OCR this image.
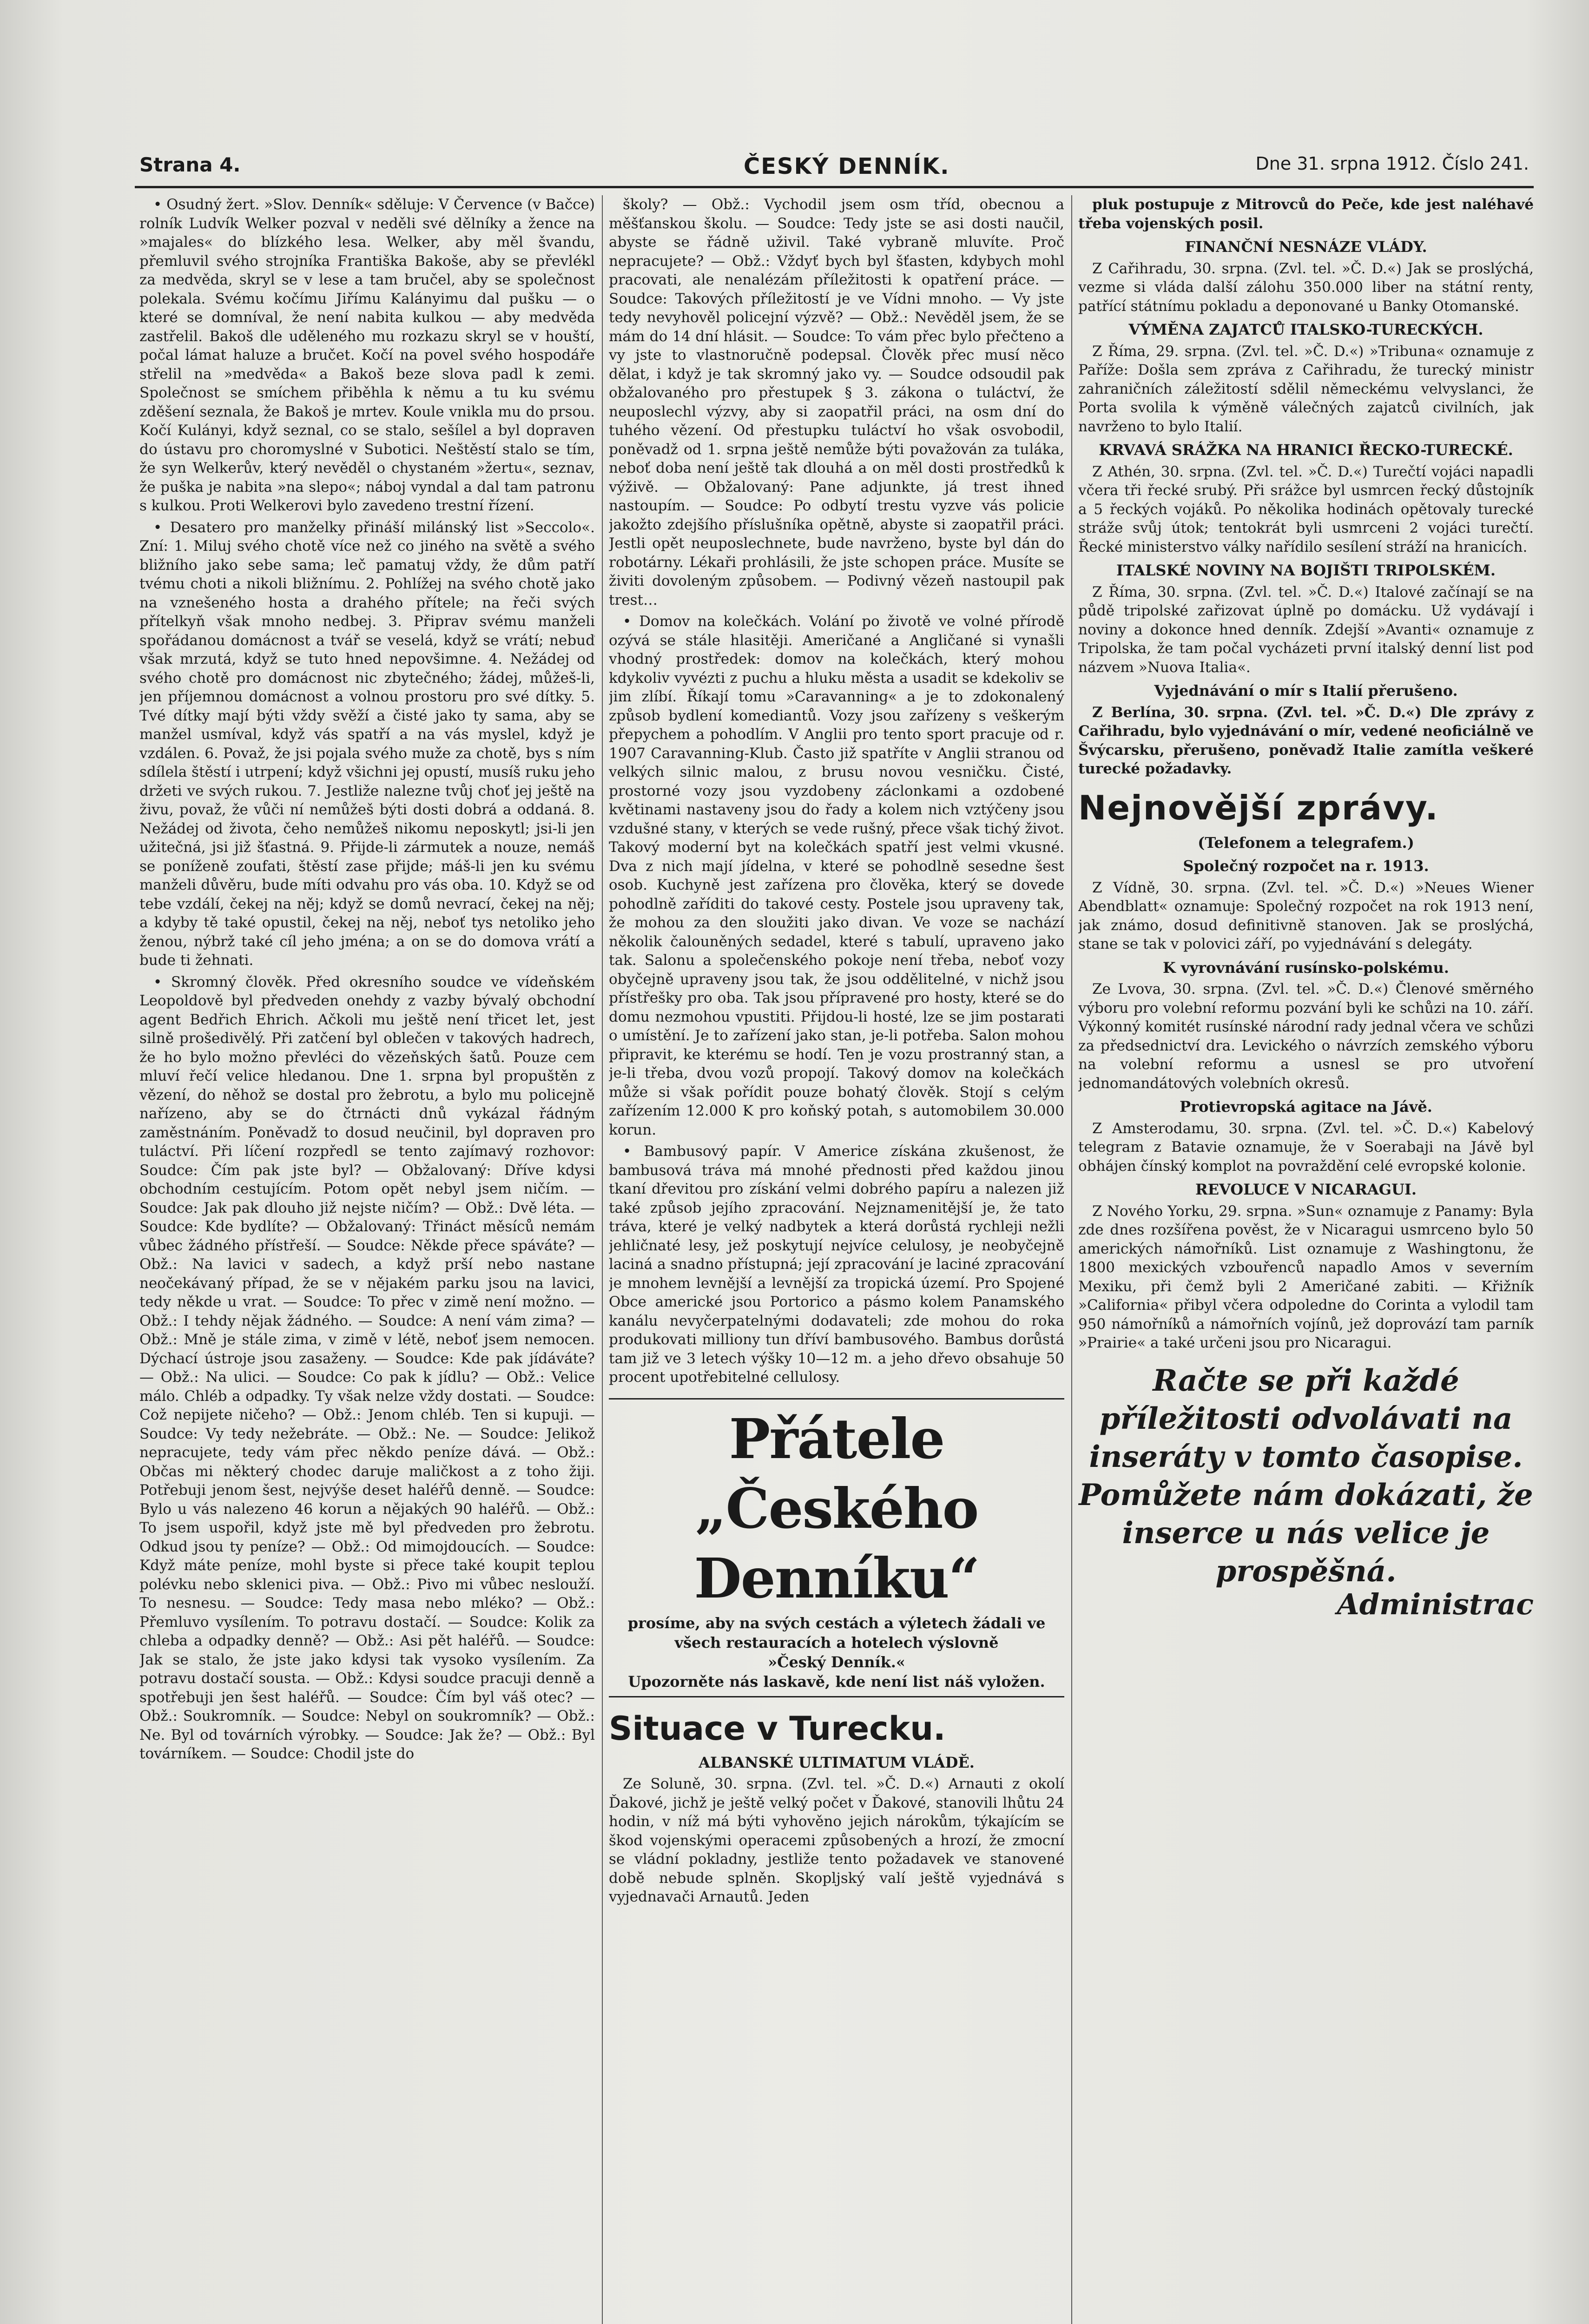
Strana 4.	ČESKÝ DENNÍK.	Dne 31. srpna 1912. Číslo 241.

• Osudný žert. »Slov. Denník« sděluje: V Července (v Bačce) rolník Ludvík Welker pozval v neděli své dělníky a žence na »majales« do blízkého lesa. Welker, aby měl švandu, přemluvil svého strojníka Františka Bakoše, aby se převlékl za medvěda, skryl se v lese a tam bručel, aby se společnost polekala. Svému kočímu Jiřímu Kalányimu dal pušku — o které se domníval, že není nabita kulkou — aby medvěda zastřelil. Bakoš dle uděleného mu rozkazu skryl se v houští, počal lámat haluze a bručet. Kočí na povel svého hospodáře střelil na »medvěda« a Bakoš beze slova padl k zemi. Společnost se smíchem přiběhla k němu a tu ku svému zděšení seznala, že Bakoš je mrtev. Koule vnikla mu do prsou. Kočí Kulányi, když seznal, co se stalo, sešílel a byl dopraven do ústavu pro choromyslné v Subotici. Neštěstí stalo se tím, že syn Welkerův, který nevěděl o chystaném »žertu«, seznav, že puška je nabita »na slepo«; náboj vyndal a dal tam patronu s kulkou. Proti Welkerovi bylo zavedeno trestní řízení.

• Desatero pro manželky přináší milánský list »Seccolo«. Zní: 1. Miluj svého chotě více než co jiného na světě a svého bližního jako sebe sama; leč pamatuj vždy, že dům patří tvému choti a nikoli bližnímu. 2. Pohlížej na svého chotě jako na vznešeného hosta a drahého přítele; na řeči svých přítelkyň však mnoho nedbej. 3. Připrav svému manželi spořádanou domácnost a tvář se veselá, když se vrátí; nebuď však mrzutá, když se tuto hned nepovšimne. 4. Nežádej od svého chotě pro domácnost nic zbytečného; žádej, můžeš-li, jen příjemnou domácnost a volnou prostoru pro své dítky. 5. Tvé dítky mají býti vždy svěží a čisté jako ty sama, aby se manžel usmíval, když vás spatří a na vás myslel, když je vzdálen. 6. Považ, že jsi pojala svého muže za chotě, bys s ním sdílela štěstí i utrpení; když všichni jej opustí, musíš ruku jeho držeti ve svých rukou. 7. Jestliže nalezne tvůj choť jej ještě na živu, považ, že vůči ní nemůžeš býti dosti dobrá a oddaná. 8. Nežádej od života, čeho nemůžeš nikomu neposkytl; jsi-li jen užitečná, jsi již šťastná. 9. Přijde-li zármutek a nouze, nemáš se poníženě zoufati, štěstí zase přijde; máš-li jen ku svému manželi důvěru, bude míti odvahu pro vás oba. 10. Když se od tebe vzdálí, čekej na něj; když se domů nevrací, čekej na něj; a kdyby tě také opustil, čekej na něj, neboť tys netoliko jeho ženou, nýbrž také cíl jeho jména; a on se do domova vrátí a bude ti žehnati.

• Skromný člověk. Před okresního soudce ve vídeňském Leopoldově byl předveden onehdy z vazby bývalý obchodní agent Bedřich Ehrich. Ačkoli mu ještě není třicet let, jest silně prošedivělý. Při zatčení byl oblečen v takových hadrech, že ho bylo možno převléci do vězeňských šatů. Pouze cem mluví řečí velice hledanou. Dne 1. srpna byl propuštěn z vězení, do něhož se dostal pro žebrotu, a bylo mu policejně nařízeno, aby se do čtrnácti dnů vykázal řádným zaměstnáním. Poněvadž to dosud neučinil, byl dopraven pro tuláctví. Při líčení rozpředl se tento zajímavý rozhovor: Soudce: Čím pak jste byl? — Obžalovaný: Dříve kdysi obchodním cestujícím. Potom opět nebyl jsem ničím. — Soudce: Jak pak dlouho již nejste ničím? — Obž.: Dvě léta. — Soudce: Kde bydlíte? — Obžalovaný: Třináct měsíců nemám vůbec žádného přístřeší. — Soudce: Někde přece spáváte? — Obž.: Na lavici v sadech, a když prší nebo nastane neočekávaný případ, že se v nějakém parku jsou na lavici, tedy někde u vrat. — Soudce: To přec v zimě není možno. — Obž.: I tehdy nějak žádného. — Soudce: A není vám zima? — Obž.: Mně je stále zima, v zimě v létě, neboť jsem nemocen. Dýchací ústroje jsou zasaženy. — Soudce: Kde pak jídáváte? — Obž.: Na ulici. — Soudce: Co pak k jídlu? — Obž.: Velice málo. Chléb a odpadky. Ty však nelze vždy dostati. — Soudce: Což nepijete ničeho? — Obž.: Jenom chléb. Ten si kupuji. — Soudce: Vy tedy nežebráte. — Obž.: Ne. — Soudce: Jelikož nepracujete, tedy vám přec někdo peníze dává. — Obž.: Občas mi některý chodec daruje maličkost a z toho žiji. Potřebuji jenom šest, nejvýše deset haléřů denně. — Soudce: Bylo u vás nalezeno 46 korun a nějakých 90 haléřů. — Obž.: To jsem uspořil, když jste mě byl předveden pro žebrotu. Odkud jsou ty peníze? — Obž.: Od mimojdoucích. — Soudce: Když máte peníze, mohl byste si přece také koupit teplou polévku nebo sklenici piva. — Obž.: Pivo mi vůbec neslouží. To nesnesu. — Soudce: Tedy masa nebo mléko? — Obž.: Přemluvo vysílením. To potravu dostačí. — Soudce: Kolik za chleba a odpadky denně? — Obž.: Asi pět haléřů. — Soudce: Jak se stalo, že jste jako kdysi tak vysoko vysílením. Za potravu dostačí sousta. — Obž.: Kdysi soudce pracuji denně a spotřebuji jen šest haléřů. — Soudce: Čím byl váš otec? — Obž.: Soukromník. — Soudce: Nebyl on soukromník? — Obž.: Ne. Byl od továrních výrobky. — Soudce: Jak že? — Obž.: Byl továrníkem. — Soudce: Chodil jste do

školy? — Obž.: Vychodil jsem osm tříd, obecnou a měšťanskou školu. — Soudce: Tedy jste se asi dosti naučil, abyste se řádně uživil. Také vybraně mluvíte. Proč nepracujete? — Obž.: Vždyť bych byl šťasten, kdybych mohl pracovati, ale nenalézám příležitosti k opatření práce. — Soudce: Takových příležitostí je ve Vídni mnoho. — Vy jste tedy nevyhověl policejní výzvě? — Obž.: Nevěděl jsem, že se mám do 14 dní hlásit. — Soudce: To vám přec bylo přečteno a vy jste to vlastnoručně podepsal. Člověk přec musí něco dělat, i když je tak skromný jako vy. — Soudce odsoudil pak obžalovaného pro přestupek § 3. zákona o tuláctví, že neuposlechl výzvy, aby si zaopatřil práci, na osm dní do tuhého vězení. Od přestupku tuláctví ho však osvobodil, poněvadž od 1. srpna ještě nemůže býti považován za tuláka, neboť doba není ještě tak dlouhá a on měl dosti prostředků k výživě. — Obžalovaný: Pane adjunkte, já trest ihned nastoupím. — Soudce: Po odbytí trestu vyzve vás policie jakožto zdejšího příslušníka opětně, abyste si zaopatřil práci. Jestli opět neuposlechnete, bude navrženo, byste byl dán do robotárny. Lékaři prohlásili, že jste schopen práce. Musíte se živiti dovoleným způsobem. — Podivný vězeň nastoupil pak trest…

• Domov na kolečkách. Volání po životě ve volné přírodě ozývá se stále hlasitěji. Američané a Angličané si vynašli vhodný prostředek: domov na kolečkách, který mohou kdykoliv vyvézti z puchu a hluku města a usadit se kdekoliv se jim zlíbí. Říkají tomu »Caravanning« a je to zdokonalený způsob bydlení komediantů. Vozy jsou zařízeny s veškerým přepychem a pohodlím. V Anglii pro tento sport pracuje od r. 1907 Caravanning-Klub. Často již spatříte v Anglii stranou od velkých silnic malou, z brusu novou vesničku. Čisté, prostorné vozy jsou vyzdobeny záclonkami a ozdobené květinami nastaveny jsou do řady a kolem nich vztýčeny jsou vzdušné stany, v kterých se vede rušný, přece však tichý život. Takový moderní byt na kolečkách spatří jest velmi vkusné. Dva z nich mají jídelna, v které se pohodlně sesedne šest osob. Kuchyně jest zařízena pro člověka, který se dovede pohodlně zaříditi do takové cesty. Postele jsou upraveny tak, že mohou za den sloužiti jako divan. Ve voze se nachází několik čalouněných sedadel, které s tabulí, upraveno jako tak. Salonu a společenského pokoje není třeba, neboť vozy obyčejně upraveny jsou tak, že jsou oddělitelné, v nichž jsou přístřešky pro oba. Tak jsou přípravené pro hosty, které se do domu nezmohou vpustiti. Přijdou-li hosté, lze se jim postarati o umístění. Je to zařízení jako stan, je-li potřeba. Salon mohou připravit, ke kterému se hodí. Ten je vozu prostranný stan, a je-li třeba, dvou vozů propojí. Takový domov na kolečkách může si však pořídit pouze bohatý člověk. Stojí s celým zařízením 12.000 K pro koňský potah, s automobilem 30.000 korun.

• Bambusový papír. V Americe získána zkušenost, že bambusová tráva má mnohé přednosti před každou jinou tkaní dřevitou pro získání velmi dobrého papíru a nalezen již také způsob jejího zpracování. Nejznamenitější je, že tato tráva, které je velký nadbytek a která dorůstá rychleji nežli jehličnaté lesy, jež poskytují nejvíce celulosy, je neobyčejně laciná a snadno přístupná; její zpracování je laciné zpracování je mnohem levnější a levnější za tropická území. Pro Spojené Obce americké jsou Portorico a pásmo kolem Panamského kanálu nevyčerpatelnými dodavateli; zde mohou do roka produkovati milliony tun dříví bambusového. Bambus dorůstá tam již ve 3 letech výšky 10—12 m. a jeho dřevo obsahuje 50 procent upotřebitelné cellulosy.

Přátele „Českého Denníku“
prosíme, aby na svých cestách a výletech žádali ve všech restauracích a hotelech výslovně
»Český Denník.«
Upozorněte nás laskavě, kde není list náš vyložen.
Situace v Turecku.
ALBANSKÉ ULTIMATUM VLÁDĚ.

Ze Soluně, 30. srpna. (Zvl. tel. »Č. D.«) Arnauti z okolí Ďakové, jichž je ještě velký počet v Ďakové, stanovili lhůtu 24 hodin, v níž má býti vyhověno jejich nárokům, týkajícím se škod vojenskými operacemi způsobených a hrozí, že zmocní se vládní pokladny, jestliže tento požadavek ve stanovené době nebude splněn. Skopljský valí ještě vyjednává s vyjednavači Arnautů. Jeden

pluk postupuje z Mitrovců do Peče, kde jest naléhavé třeba vojenských posil.

FINANČNÍ NESNÁZE VLÁDY.

Z Cařihradu, 30. srpna. (Zvl. tel. »Č. D.«) Jak se proslýchá, vezme si vláda další zálohu 350.000 liber na státní renty, patřící státnímu pokladu a deponované u Banky Otomanské.

VÝMĚNA ZAJATCŮ ITALSKO-TURECKÝCH.

Z Říma, 29. srpna. (Zvl. tel. »Č. D.«) »Tribuna« oznamuje z Paříže: Došla sem zpráva z Cařihradu, že turecký ministr zahraničních záležitostí sdělil německému velvyslanci, že Porta svolila k výměně válečných zajatců civilních, jak navrženo to bylo Italií.

KRVAVÁ SRÁŽKA NA HRANICI ŘECKO-TURECKÉ.

Z Athén, 30. srpna. (Zvl. tel. »Č. D.«) Turečtí vojáci napadli včera tři řecké srubý. Při srážce byl usmrcen řecký důstojník a 5 řeckých vojáků. Po několika hodinách opětovaly turecké stráže svůj útok; tentokrát byli usmrceni 2 vojáci turečtí. Řecké ministerstvo války nařídilo sesílení stráží na hranicích.

ITALSKÉ NOVINY NA BOJIŠTI TRIPOLSKÉM.

Z Říma, 30. srpna. (Zvl. tel. »Č. D.«) Italové začínají se na půdě tripolské zařizovat úplně po domácku. Už vydávají i noviny a dokonce hned denník. Zdejší »Avanti« oznamuje z Tripolska, že tam počal vycházeti první italský denní list pod názvem »Nuova Italia«.

Vyjednávání o mír s Italií přerušeno.

Z Berlína, 30. srpna. (Zvl. tel. »Č. D.«) Dle zprávy z Cařihradu, bylo vyjednávání o mír, vedené neoficiálně ve Švýcarsku, přerušeno, poněvadž Italie zamítla veškeré turecké požadavky.

Nejnovější zprávy.
(Telefonem a telegrafem.)
Společný rozpočet na r. 1913.

Z Vídně, 30. srpna. (Zvl. tel. »Č. D.«) »Neues Wiener Abendblatt« oznamuje: Společný rozpočet na rok 1913 není, jak známo, dosud definitivně stanoven. Jak se proslýchá, stane se tak v polovici září, po vyjednávání s delegáty.

K vyrovnávání rusínsko-polskému.

Ze Lvova, 30. srpna. (Zvl. tel. »Č. D.«) Členové směrného výboru pro volební reformu pozvání byli ke schůzi na 10. září. Výkonný komitét rusínské národní rady jednal včera ve schůzi za předsednictví dra. Levického o návrzích zemského výboru na volební reformu a usnesl se pro utvoření jednomandátových volebních okresů.

Protievropská agitace na Jávě.

Z Amsterodamu, 30. srpna. (Zvl. tel. »Č. D.«) Kabelový telegram z Batavie oznamuje, že v Soerabaji na Jávě byl obhájen čínský komplot na povraždění celé evropské kolonie.

REVOLUCE V NICARAGUI.

Z Nového Yorku, 29. srpna. »Sun« oznamuje z Panamy: Byla zde dnes rozšířena pověst, že v Nicaragui usmrceno bylo 50 amerických námořníků. List oznamuje z Washingtonu, že 1800 mexických vzbouřenců napadlo Amos v severním Mexiku, při čemž byli 2 Američané zabiti. — Křižník »California« přibyl včera odpoledne do Corinta a vylodil tam 950 námořníků a námořních vojínů, jež doprovází tam parník »Prairie« a také určeni jsou pro Nicaragui.

Račte se při každé příležitosti odvolávati na inseráty v tomto časopise. Pomůžete nám dokázati, že inserce u nás velice je prospěšná.
Administrac
